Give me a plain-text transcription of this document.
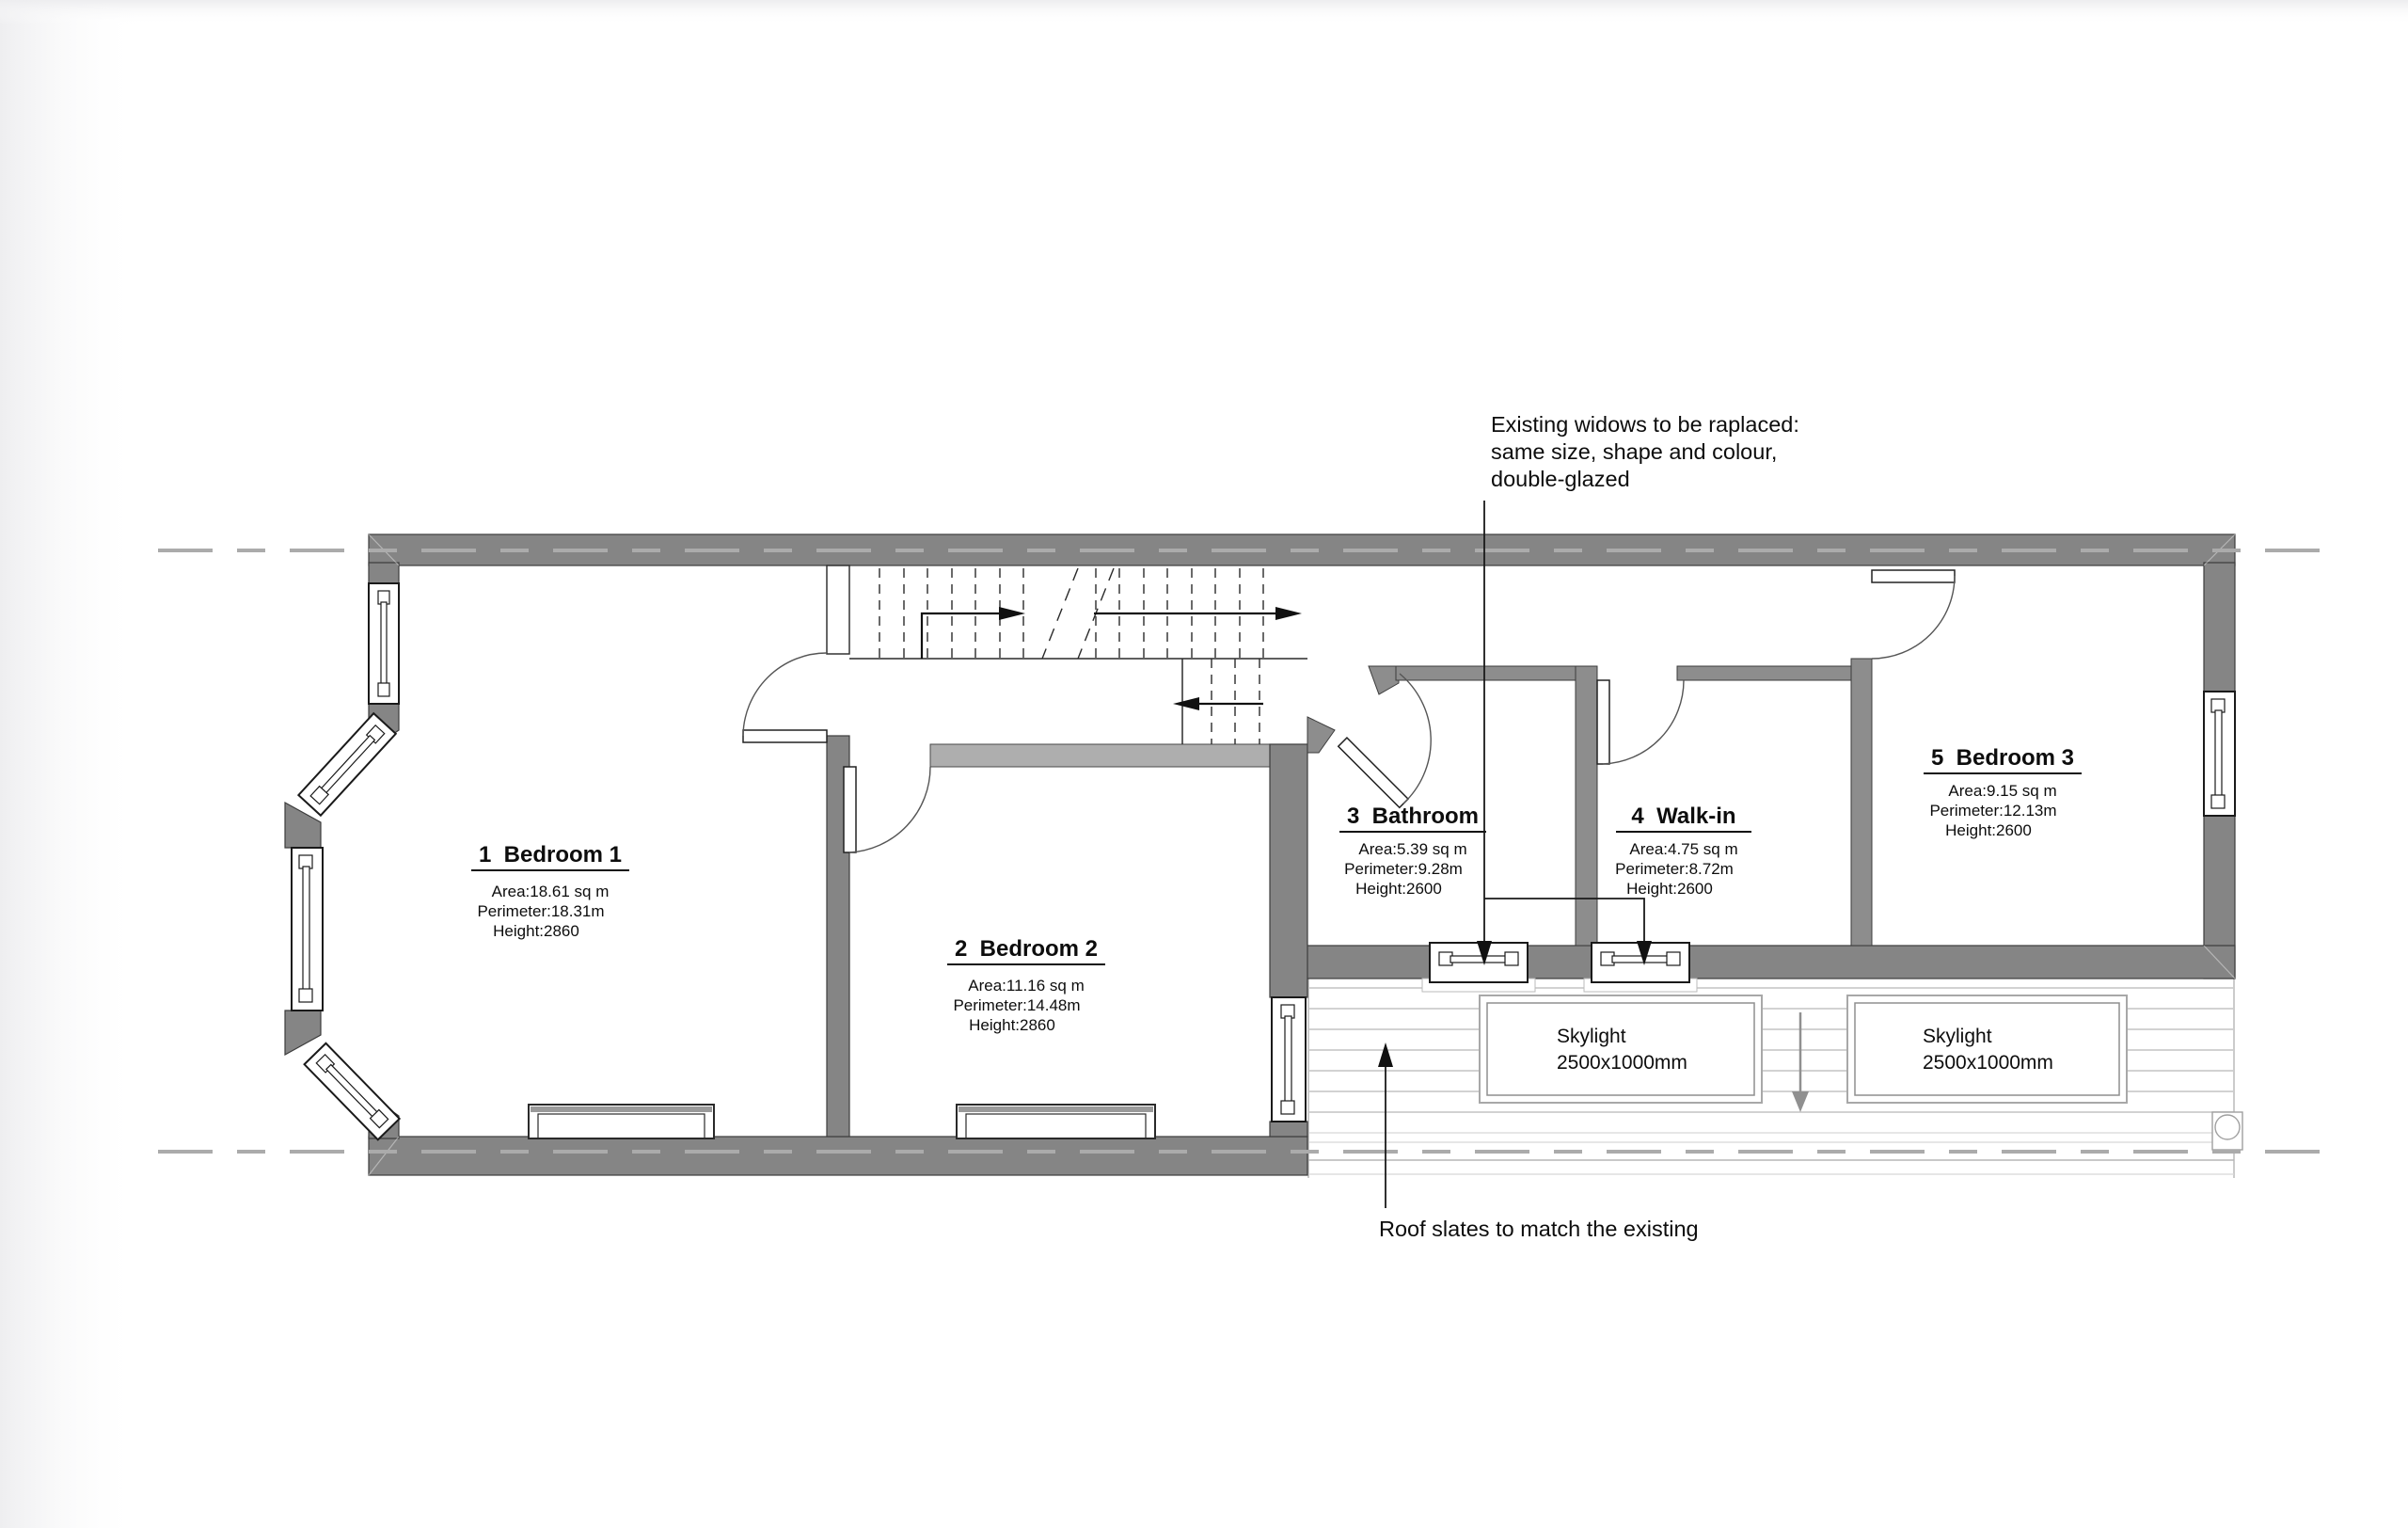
Skylight
2500x1000mm
Skylight
2500x1000mm
1  Bedroom 1
Area:18.61 sq m
Perimeter:18.31m
Height:2860
2  Bedroom 2
Area:11.16 sq m
Perimeter:14.48m
Height:2860
3  Bathroom
Area:5.39 sq m
Perimeter:9.28m
Height:2600
4  Walk-in
Area:4.75 sq m
Perimeter:8.72m
Height:2600
5  Bedroom 3
Area:9.15 sq m
Perimeter:12.13m
Height:2600
Existing widows to be raplaced:
same size, shape and colour,
double-glazed
Roof slates to match the existing
